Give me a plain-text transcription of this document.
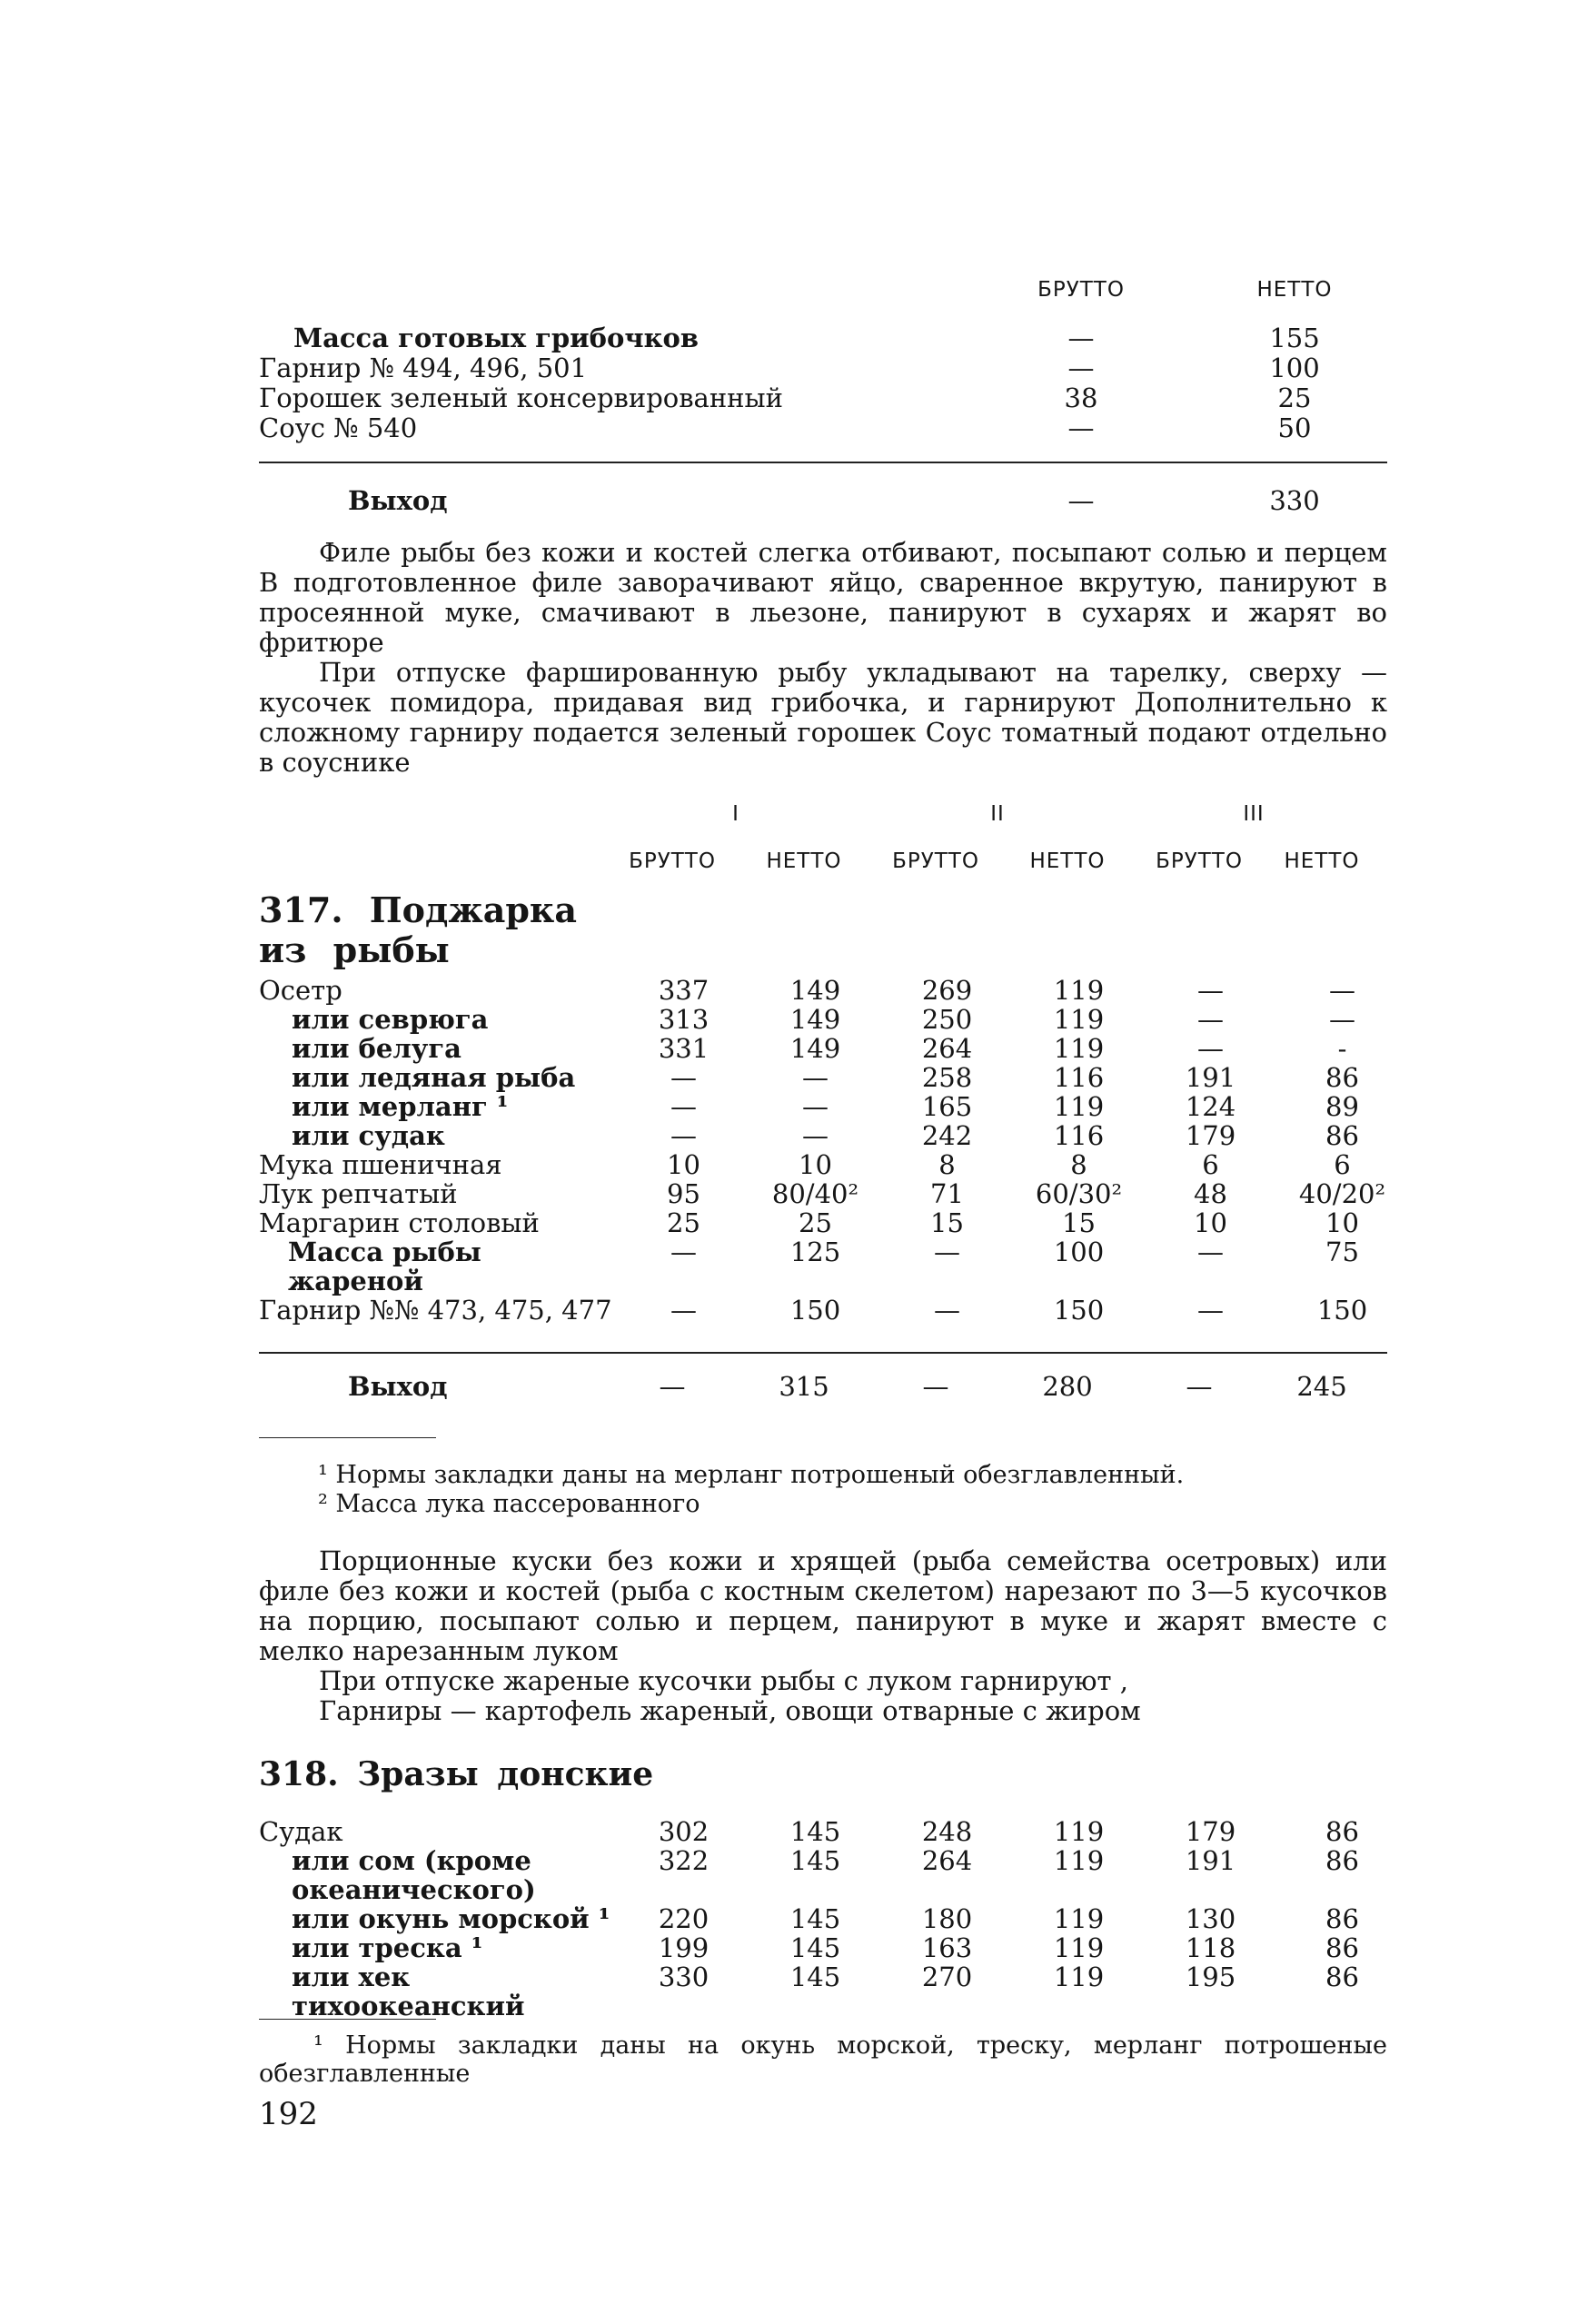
БРУТТО	НЕТТО
Масса готовых грибочков	—	155
Гарнир № 494, 496, 501	—	100
Горошек зеленый консервированный	38	25
Соус № 540	—	50
Выход	—	330

Филе рыбы без кожи и костей слегка отбивают, посыпают солью и перцем В подготовленное филе заворачивают яйцо, сваренное вкрутую, панируют в просеянной муке, смачивают в льезоне, панируют в сухарях и жарят во фритюре

При отпуске фаршированную рыбу укладывают на тарелку, сверху — кусочек помидора, придавая вид грибочка, и гарнируют Дополнительно к сложному гарниру подается зеленый горошек Соус томатный подают отдельно в соуснике

I	II	III
БРУТТО	НЕТТО	БРУТТО	НЕТТО	БРУТТО	НЕТТО
317. Поджарка из рыбы
Осетр	337	149	269	119	—	—
или севрюга	313	149	250	119	—	—
или белуга	331	149	264	119	—	-
или ледяная рыба	—	—	258	116	191	86
или мерланг ¹	—	—	165	119	124	89
или судак	—	—	242	116	179	86
Мука пшеничная	10	10	8	8	6	6
Лук репчатый	95	80/40²	71	60/30²	48	40/20²
Маргарин столовый	25	25	15	15	10	10
Масса рыбы жареной	—	125	—	100	—	75
Гарнир №№ 473, 475, 477	—	150	—	150	—	150
Выход	—	315	—	280	—	245
¹ Нормы закладки даны на мерланг потрошеный обезглавленный.
² Масса лука пассерованного

Порционные куски без кожи и хрящей (рыба семейства осетровых) или филе без кожи и костей (рыба с костным скелетом) нарезают по 3—5 кусочков на порцию, посыпают солью и перцем, панируют в муке и жарят вместе с мелко нарезанным луком

При отпуске жареные кусочки рыбы с луком гарнируют ,
Гарниры — картофель жареный, овощи отварные с жиром
318. Зразы донские
Судак	302	145	248	119	179	86
или сом (кроме океанического)	322	145	264	119	191	86
или окунь морской ¹	220	145	180	119	130	86
или треска ¹	199	145	163	119	118	86
или хек тихоокеанский	330	145	270	119	195	86

¹ Нормы закладки даны на окунь морской, треску, мерланг потрошеные обезглавленные

192
